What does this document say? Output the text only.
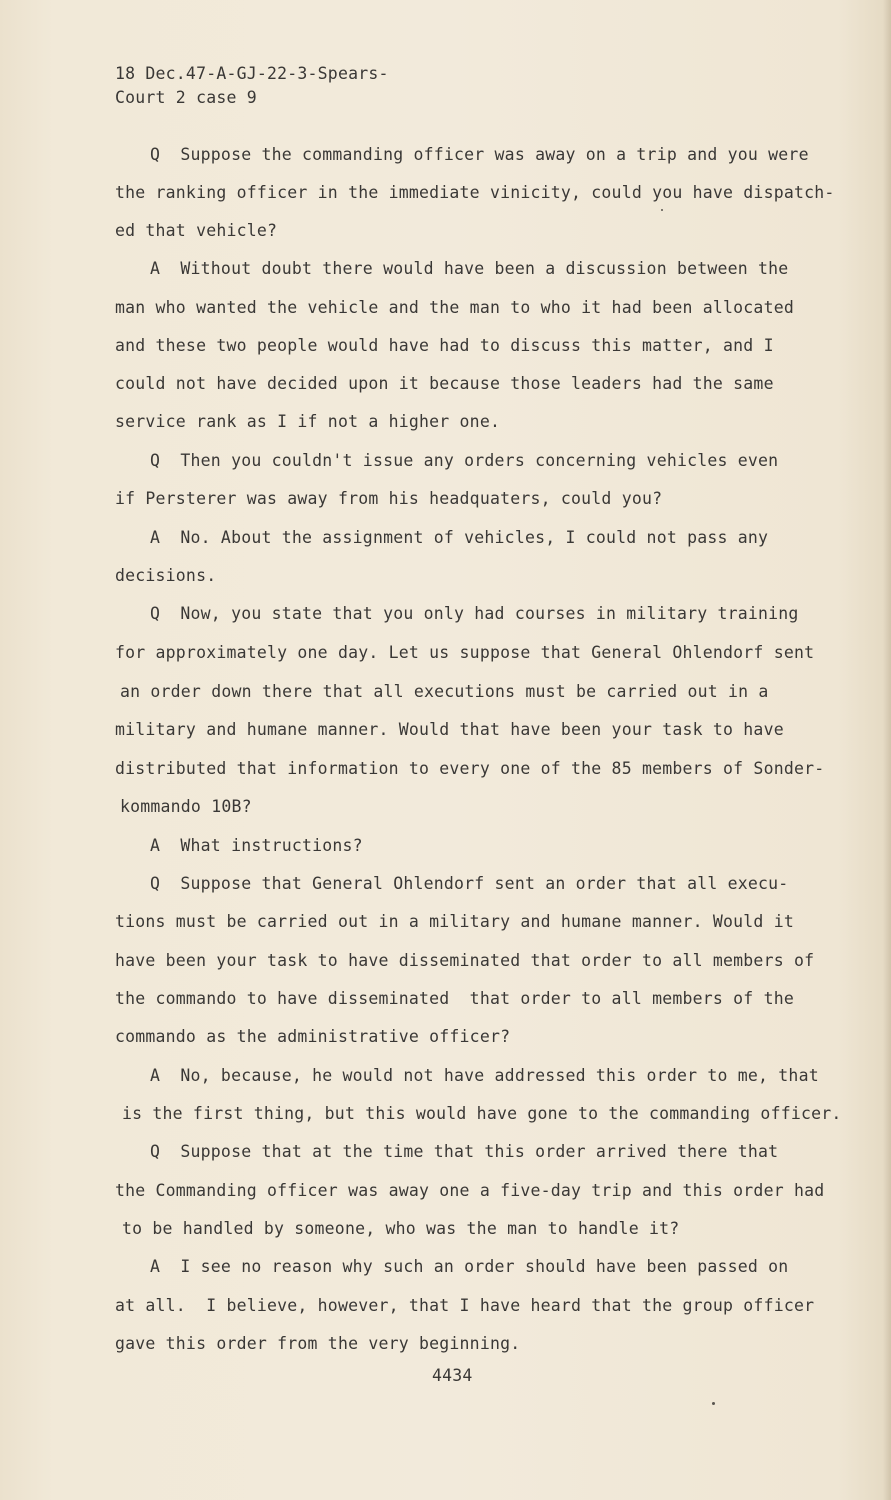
18 Dec.47-A-GJ-22-3-Spears-

Court 2 case 9

Q  Suppose the commanding officer was away on a trip and you were

the ranking officer in the immediate vinicity, could you have dispatch-

ed that vehicle?

A  Without doubt there would have been a discussion between the

man who wanted the vehicle and the man to who it had been allocated

and these two people would have had to discuss this matter, and I

could not have decided upon it because those leaders had the same

service rank as I if not a higher one.

Q  Then you couldn't issue any orders concerning vehicles even

if Persterer was away from his headquaters, could you?

A  No. About the assignment of vehicles, I could not pass any

decisions.

Q  Now, you state that you only had courses in military training

for approximately one day. Let us suppose that General Ohlendorf sent

an order down there that all executions must be carried out in a

military and humane manner. Would that have been your task to have

distributed that information to every one of the 85 members of Sonder-

kommando 10B?

A  What instructions?

Q  Suppose that General Ohlendorf sent an order that all execu-

tions must be carried out in a military and humane manner. Would it

have been your task to have disseminated that order to all members of

the commando to have disseminated  that order to all members of the

commando as the administrative officer?

A  No, because, he would not have addressed this order to me, that

is the first thing, but this would have gone to the commanding officer.

Q  Suppose that at the time that this order arrived there that

the Commanding officer was away one a five-day trip and this order had

to be handled by someone, who was the man to handle it?

A  I see no reason why such an order should have been passed on

at all.  I believe, however, that I have heard that the group officer

gave this order from the very beginning.

4434
